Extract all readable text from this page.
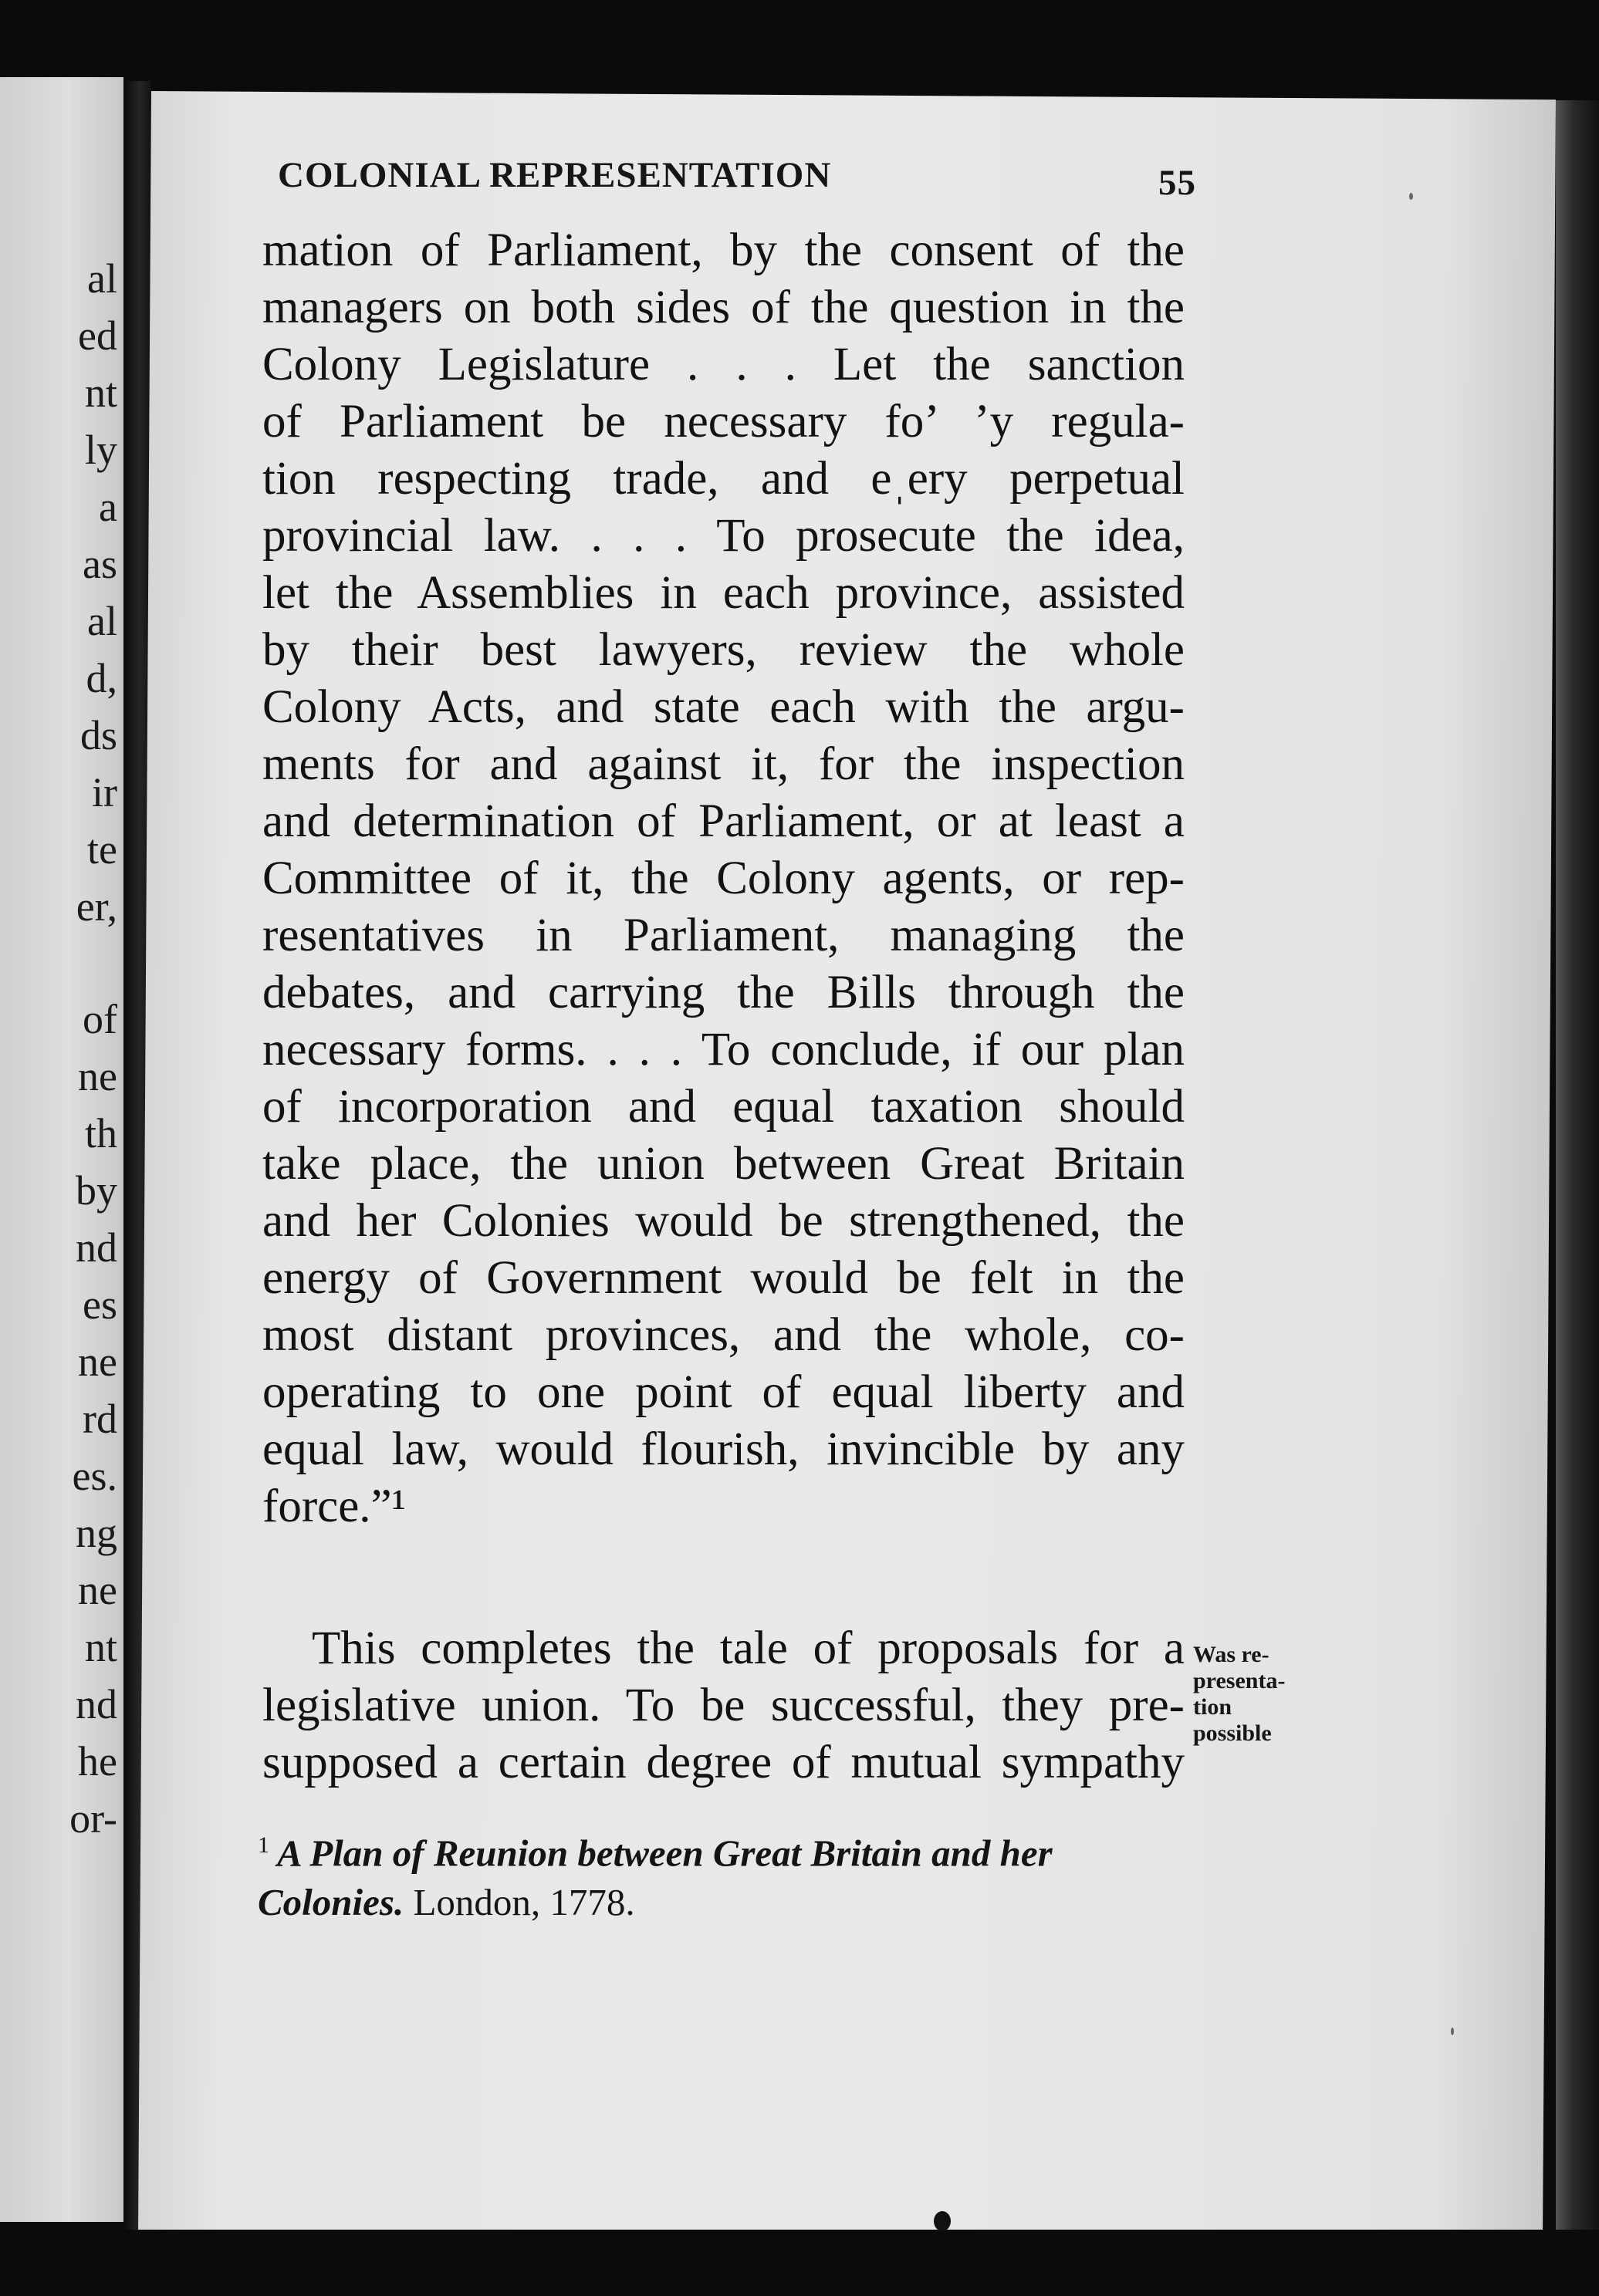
al
ed
nt
ly
a
as
al
d,
ds
ir
te
er,
of
ne
th
by
nd
es
ne
rd
es.
ng
ne
nt
nd
he
or-
COLONIAL REPRESENTATION	55
mation of Parliament, by the consent of the
managers on both sides of the question in the
Colony Legislature . . . Let the sanction
of Parliament be necessary fo’ ’y regula-
tion respecting trade, and eˌery perpetual
provincial law. . . . To prosecute the idea,
let the Assemblies in each province, assisted
by their best lawyers, review the whole
Colony Acts, and state each with the argu-
ments for and against it, for the inspection
and determination of Parliament, or at least a
Committee of it, the Colony agents, or rep-
resentatives in Parliament, managing the
debates, and carrying the Bills through the
necessary forms. . . . To conclude, if our plan
of incorporation and equal taxation should
take place, the union between Great Britain
and her Colonies would be strengthened, the
energy of Government would be felt in the
most distant provinces, and the whole, co-
operating to one point of equal liberty and
equal law, would flourish, invincible by any
force.”¹
This completes the tale of proposals for a
legislative union. To be successful, they pre-
supposed a certain degree of mutual sympathy
Was re-
presenta-
tion
possible
$^1$ A Plan of Reunion between Great Britain and her Colonies. London, 1778.
